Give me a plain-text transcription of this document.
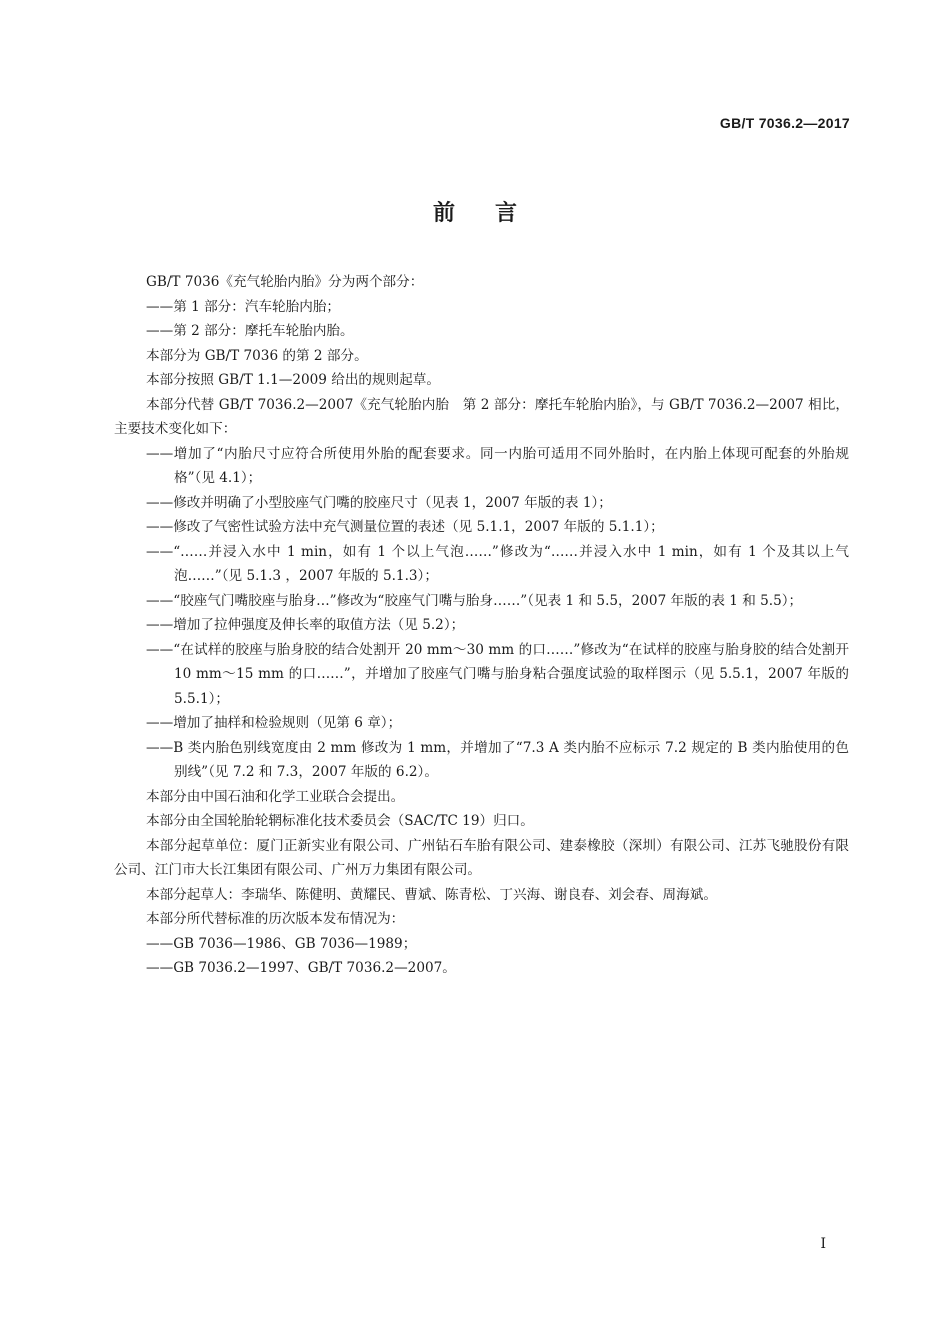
GB/T 7036.2—2017
前言
GB/T 7036《充气轮胎内胎》分为两个部分：
——第 1 部分：汽车轮胎内胎；
——第 2 部分：摩托车轮胎内胎。
本部分为 GB/T 7036 的第 2 部分。
本部分按照 GB/T 1.1—2009 给出的规则起草。
本部分代替 GB/T 7036.2—2007《充气轮胎内胎　第 2 部分：摩托车轮胎内胎》，与 GB/T 7036.2—2007 相比，主要技术变化如下：
——增加了“内胎尺寸应符合所使用外胎的配套要求。同一内胎可适用不同外胎时，在内胎上体现可配套的外胎规格”（见 4.1）；
——修改并明确了小型胶座气门嘴的胶座尺寸（见表 1，2007 年版的表 1）；
——修改了气密性试验方法中充气测量位置的表述（见 5.1.1，2007 年版的 5.1.1）；
——“……并浸入水中 1 min，如有 1 个以上气泡……”修改为“……并浸入水中 1 min，如有 1 个及其以上气泡……”（见 5.1.3 ，2007 年版的 5.1.3）；
——“胶座气门嘴胶座与胎身…”修改为“胶座气门嘴与胎身……”（见表 1 和 5.5，2007 年版的表 1 和 5.5）；
——增加了拉伸强度及伸长率的取值方法（见 5.2）；
——“在试样的胶座与胎身胶的结合处割开 20 mm～30 mm 的口……”修改为“在试样的胶座与胎身胶的结合处割开 10 mm～15 mm 的口……”，并增加了胶座气门嘴与胎身粘合强度试验的取样图示（见 5.5.1，2007 年版的 5.5.1）；
——增加了抽样和检验规则（见第 6 章）；
——B 类内胎色别线宽度由 2 mm 修改为 1 mm，并增加了“7.3 A 类内胎不应标示 7.2 规定的 B 类内胎使用的色别线”（见 7.2 和 7.3，2007 年版的 6.2）。
本部分由中国石油和化学工业联合会提出。
本部分由全国轮胎轮辋标准化技术委员会（SAC/TC 19）归口。
本部分起草单位：厦门正新实业有限公司、广州钻石车胎有限公司、建泰橡胶（深圳）有限公司、江苏飞驰股份有限公司、江门市大长江集团有限公司、广州万力集团有限公司。
本部分起草人：李瑞华、陈健明、黄耀民、曹斌、陈青松、丁兴海、谢良春、刘会春、周海斌。
本部分所代替标准的历次版本发布情况为：
——GB 7036—1986、GB 7036—1989；
——GB 7036.2—1997、GB/T 7036.2—2007。
I
